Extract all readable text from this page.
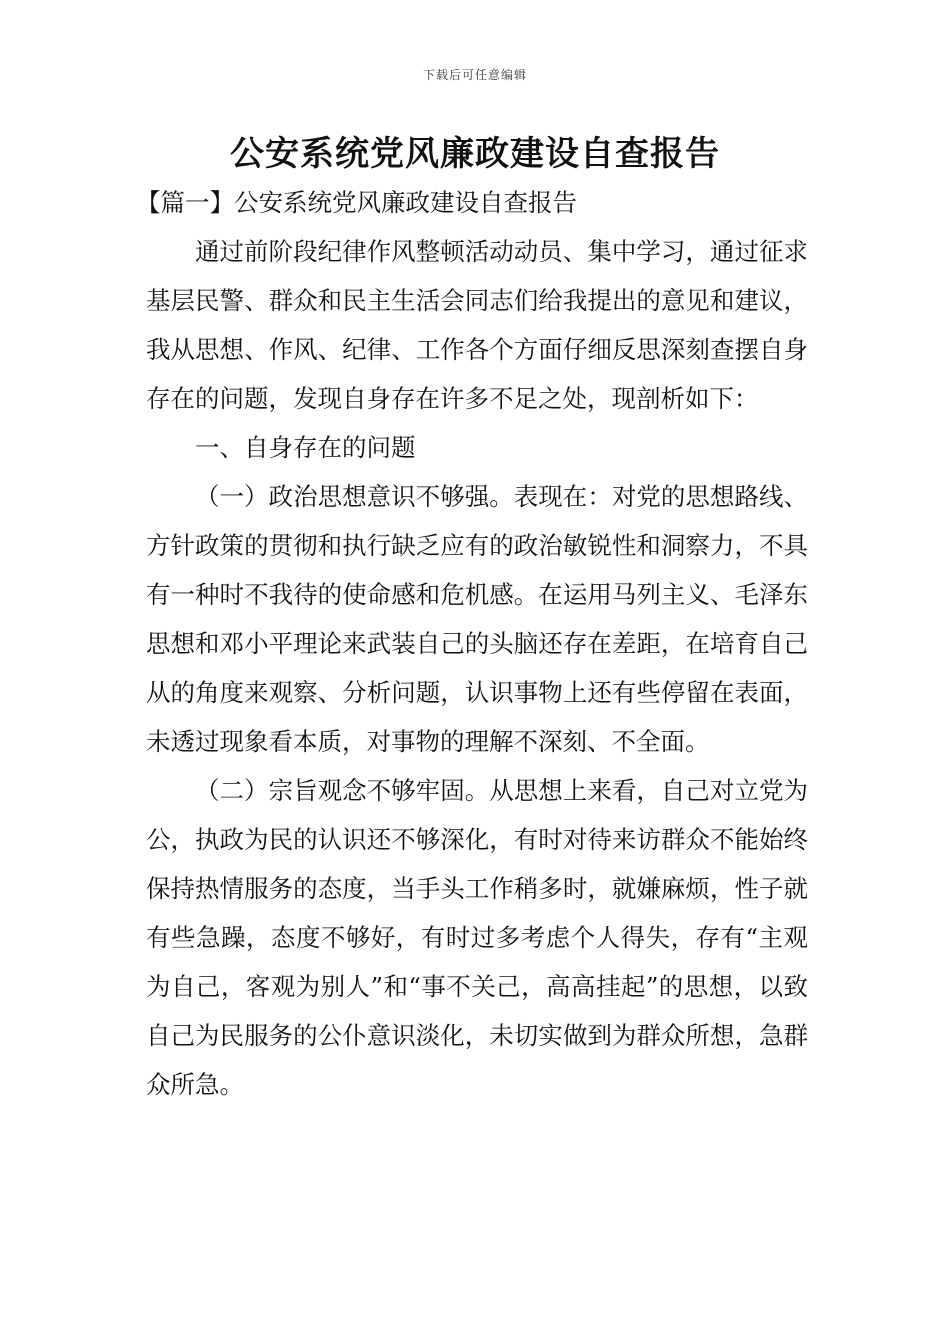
下载后可任意编辑
公安系统党风廉政建设自查报告

【篇一】公安系统党风廉政建设自查报告

通过前阶段纪律作风整顿活动动员、集中学习，通过征求基层民警、群众和民主生活会同志们给我提出的意见和建议，我从思想、作风、纪律、工作各个方面仔细反思深刻查摆自身存在的问题，发现自身存在许多不足之处，现剖析如下：

一、自身存在的问题

（一）政治思想意识不够强。表现在：对党的思想路线、方针政策的贯彻和执行缺乏应有的政治敏锐性和洞察力，不具有一种时不我待的使命感和危机感。在运用马列主义、毛泽东思想和邓小平理论来武装自己的头脑还存在差距，在培育自己从的角度来观察、分析问题，认识事物上还有些停留在表面，未透过现象看本质，对事物的理解不深刻、不全面。

（二）宗旨观念不够牢固。从思想上来看，自己对立党为公，执政为民的认识还不够深化，有时对待来访群众不能始终保持热情服务的态度，当手头工作稍多时，就嫌麻烦，性子就有些急躁，态度不够好，有时过多考虑个人得失，存有“主观为自己，客观为别人”和“事不关己，高高挂起”的思想，以致自己为民服务的公仆意识淡化，未切实做到为群众所想，急群众所急。
